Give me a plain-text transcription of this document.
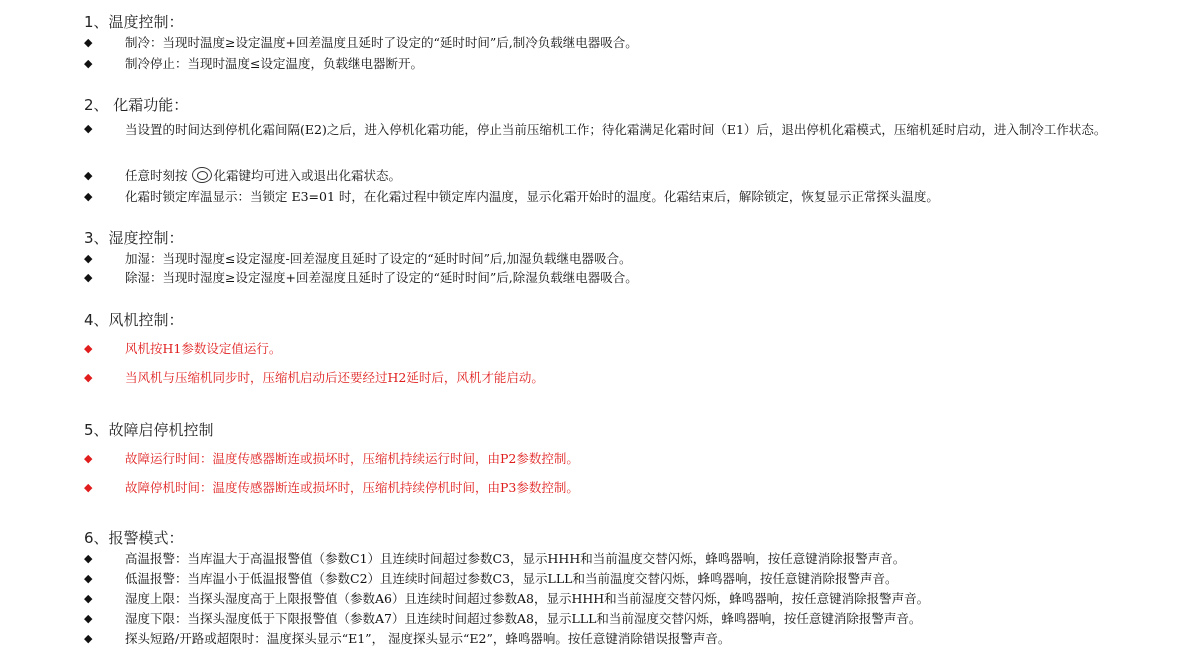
1、温度控制：
◆	制冷：当现时温度≥设定温度+回差温度且延时了设定的“延时时间”后,制冷负载继电器吸合。
◆	制冷停止：当现时温度≤设定温度，负载继电器断开。
2、 化霜功能：
◆	当设置的时间达到停机化霜间隔(E2)之后，进入停机化霜功能，停止当前压缩机工作；待化霜满足化霜时间（E1）后，退出停机化霜模式，压缩机延时启动，进入制冷工作状态。
◆	任意时刻按 化霜键均可进入或退出化霜状态。
◆	化霜时锁定库温显示：当锁定 E3=01 时，在化霜过程中锁定库内温度，显示化霜开始时的温度。化霜结束后，解除锁定，恢复显示正常探头温度。
3、湿度控制：
◆	加湿：当现时湿度≤设定湿度-回差湿度且延时了设定的“延时时间”后,加湿负载继电器吸合。
◆	除湿：当现时湿度≥设定湿度+回差湿度且延时了设定的“延时时间”后,除湿负载继电器吸合。
4、风机控制：
◆	风机按H1参数设定值运行。
◆	当风机与压缩机同步时，压缩机启动后还要经过H2延时后，风机才能启动。
5、故障启停机控制
◆	故障运行时间：温度传感器断连或损坏时，压缩机持续运行时间，由P2参数控制。
◆	故障停机时间：温度传感器断连或损坏时，压缩机持续停机时间，由P3参数控制。
6、报警模式：
◆	高温报警：当库温大于高温报警值（参数C1）且连续时间超过参数C3，显示HHH和当前温度交替闪烁，蜂鸣器响，按任意键消除报警声音。
◆	低温报警：当库温小于低温报警值（参数C2）且连续时间超过参数C3，显示LLL和当前温度交替闪烁，蜂鸣器响，按任意键消除报警声音。
◆	湿度上限：当探头湿度高于上限报警值（参数A6）且连续时间超过参数A8，显示HHH和当前湿度交替闪烁，蜂鸣器响，按任意键消除报警声音。
◆	湿度下限：当探头湿度低于下限报警值（参数A7）且连续时间超过参数A8，显示LLL和当前湿度交替闪烁，蜂鸣器响，按任意键消除报警声音。
◆	探头短路/开路或超限时：温度探头显示“E1”， 湿度探头显示“E2”，蜂鸣器响。按任意键消除错误报警声音。
